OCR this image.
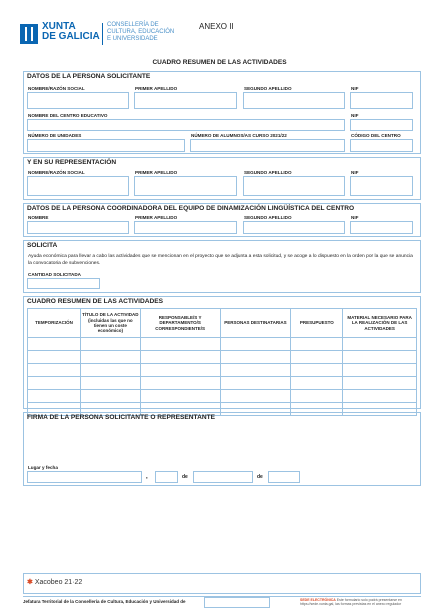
XUNTA
DE GALICIA
CONSELLERÍA DE
CULTURA, EDUCACIÓN
E UNIVERSIDADE
ANEXO II
CUADRO RESUMEN DE LAS ACTIVIDADES
DATOS DE LA PERSONA SOLICITANTE
NOMBRE/RAZÓN SOCIAL	PRIMER APELLIDO	SEGUNDO APELLIDO	NIF
NOMBRE DEL CENTRO EDUCATIVO	NIF
NÚMERO DE UNIDADES	NÚMERO DE ALUMNOS/AS CURSO 2021/22	CÓDIGO DEL CENTRO
Y EN SU REPRESENTACIÓN
NOMBRE/RAZÓN SOCIAL	PRIMER APELLIDO	SEGUNDO APELLIDO	NIF
DATOS DE LA PERSONA COORDINADORA DEL EQUIPO DE DINAMIZACIÓN LINGÜÍSTICA DEL CENTRO
NOMBRE	PRIMER APELLIDO	SEGUNDO APELLIDO	NIF
SOLICITA
Ayuda económica para llevar a cabo las actividades que se mencionan en el proyecto que se adjunta a esta solicitud, y se acoge a lo dispuesto en la orden por la que se anuncia la convocatoria de subvenciones.
CANTIDAD SOLICITADA
CUADRO RESUMEN DE LAS ACTIVIDADES
TEMPORIZACIÓN	TÍTULO DE LA ACTIVIDAD (incluidas las que no tienen un coste económico)	RESPONSABLE/S Y DEPARTAMENTO/S CORRESPONDIENTE/S	PERSONAS DESTINATARIAS	PRESUPUESTO	MATERIAL NECESARIO PARA LA REALIZACIÓN DE LAS ACTIVIDADES

FIRMA DE LA PERSONA SOLICITANTE O REPRESENTANTE
Lugar y fecha
,	de	de
✱ Xacobeo 21·22
Jefatura Territorial de la Consellería de Cultura, Educación y Universidad de	SEDE ELECTRÓNICA Este formulario solo podrá presentarse en https://sede.xunta.gal, las formas previstas en el anexo regulador
